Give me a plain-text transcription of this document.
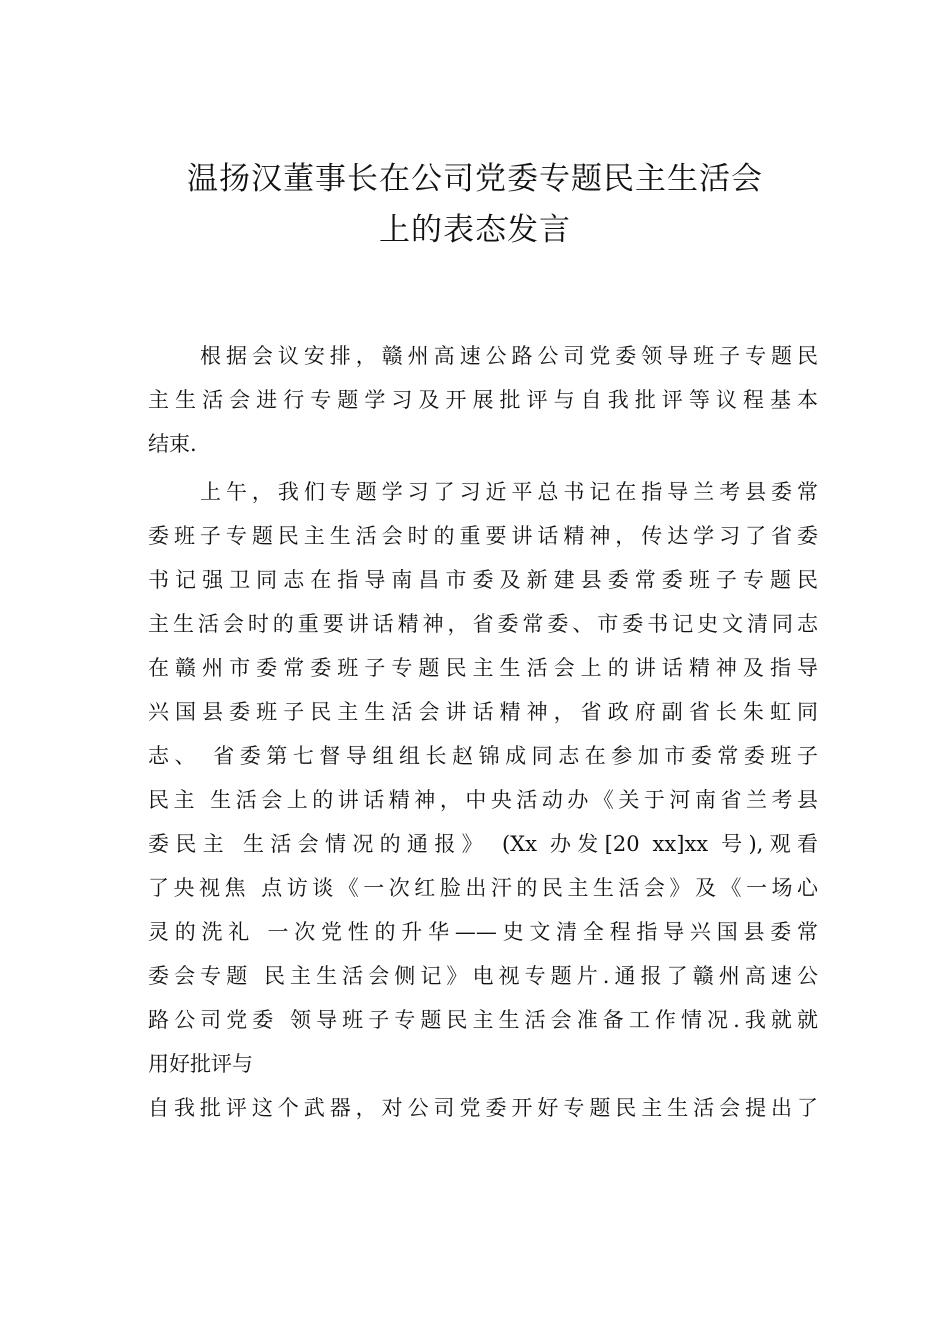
温扬汉董事长在公司党委专题民主生活会
上的表态发言
根据会议安排，赣州高速公路公司党委领导班子专题民
主生活会进行专题学习及开展批评与自我批评等议程基本
结束.
上午，我们专题学习了习近平总书记在指导兰考县委常
委班子专题民主生活会时的重要讲话精神，传达学习了省委
书记强卫同志在指导南昌市委及新建县委常委班子专题民
主生活会时的重要讲话精神，省委常委、市委书记史文清同志
在赣州市委常委班子专题民主生活会上的讲话精神及指导
兴国县委班子民主生活会讲话精神，省政府副省长朱虹同
志、 省委第七督导组组长赵锦成同志在参加市委常委班子
民主 生活会上的讲话精神，中央活动办《关于河南省兰考县
委民主 生活会情况的通报》 (Xx 办发[20 xx]xx 号),观看
了央视焦 点访谈《一次红脸出汗的民主生活会》及《一场心
灵的洗礼 一次党性的升华——史文清全程指导兴国县委常
委会专题 民主生活会侧记》电视专题片.通报了赣州高速公
路公司党委 领导班子专题民主生活会准备工作情况.我就就
用好批评与
自我批评这个武器，对公司党委开好专题民主生活会提出了
